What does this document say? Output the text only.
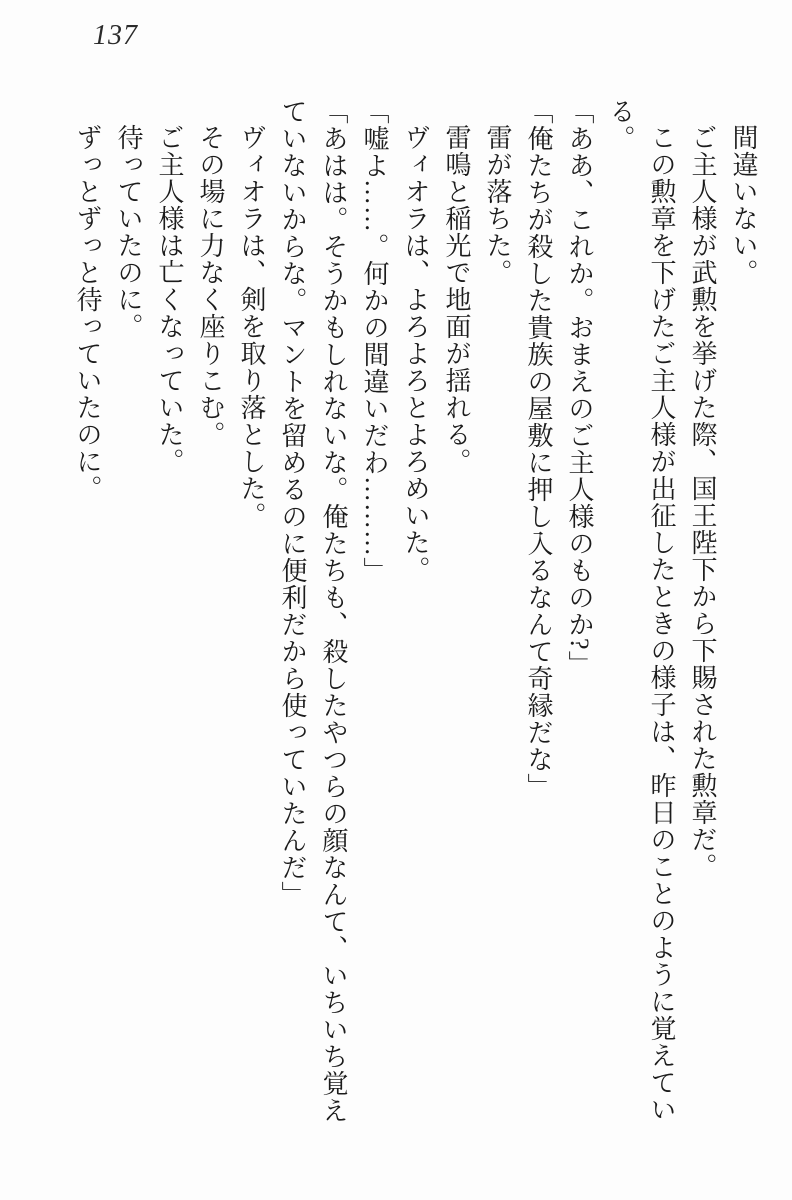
137

間違いない。

ご主人様が武勲を挙げた際、国王陛下から下賜された勲章だ。

この勲章を下げたご主人様が出征したときの様子は、昨日のことのように覚えている。

「ああ、これか。おまえのご主人様のものか?」

「俺たちが殺した貴族の屋敷に押し入るなんて奇縁だな」

雷が落ちた。

雷鳴と稲光で地面が揺れる。

ヴィオラは、よろよろとよろめいた。

「嘘よ……。何かの間違いだわ………」

「あはは。そうかもしれないな。俺たちも、殺したやつらの顔なんて、いちいち覚えていないからな。マントを留めるのに便利だから使っていたんだ」

ヴィオラは、剣を取り落とした。

その場に力なく座りこむ。

ご主人様は亡くなっていた。

待っていたのに。

ずっとずっと待っていたのに。
